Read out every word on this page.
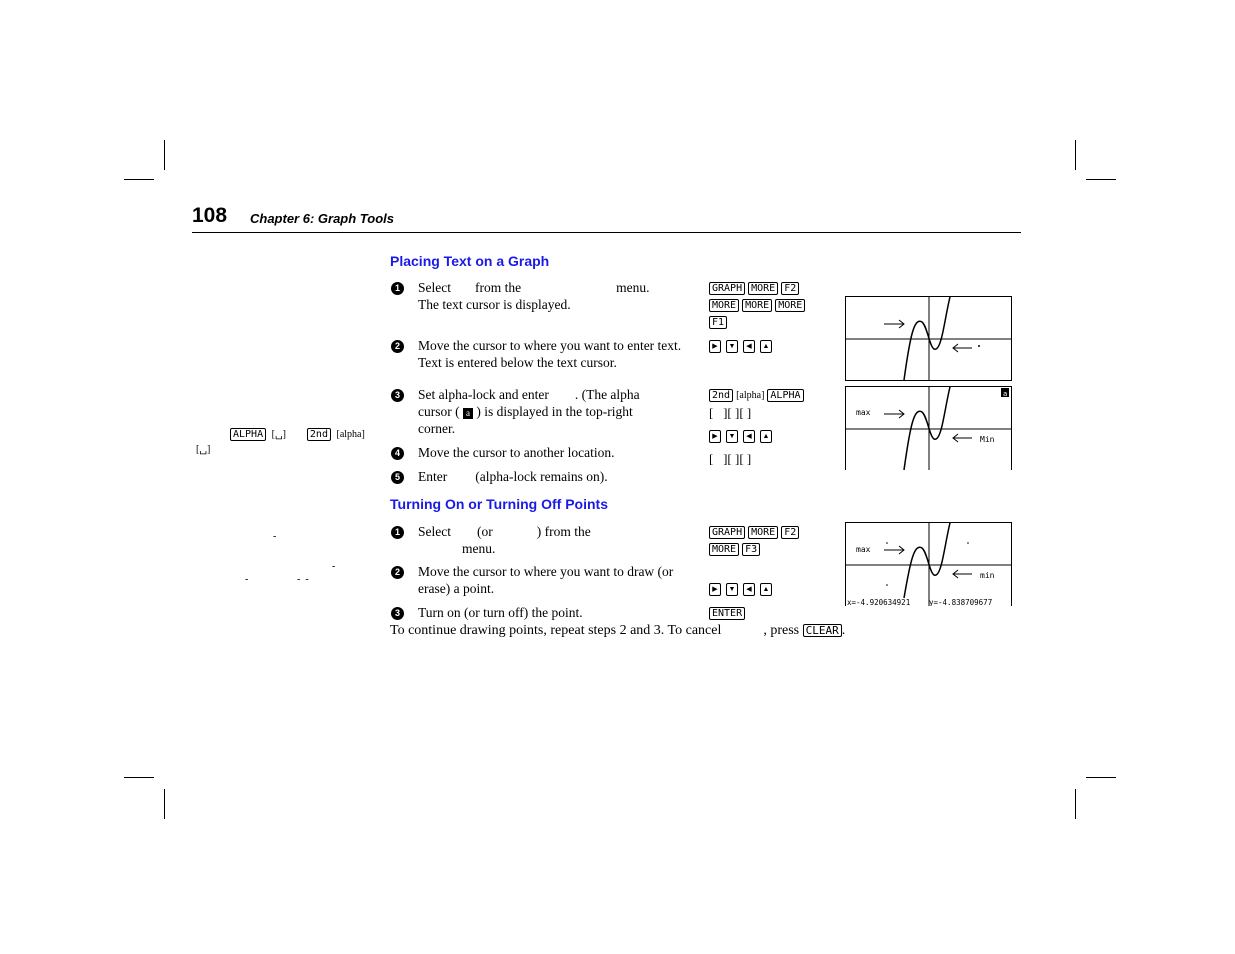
108 Chapter 6: Graph Tools
ALPHA [␣] 2nd [alpha]
[␣]
-
-
-	-  -
Placing Text on a Graph
1 Select from the	menu.
The text cursor is displayed.
2 Move the cursor to where you want to enter text. Text is entered below the text cursor.
3 Set alpha-lock and enter . (The alpha
cursor ( a ) is displayed in the top-right
corner.
4 Move the cursor to another location.
5 Enter (alpha-lock remains on).
GRAPH MORE F2
MORE MORE MORE
F1
▶ ▼ ◀ ▲
2nd [alpha] ALPHA
[   ][ ][ ]
▶ ▼ ◀ ▲
[   ][ ][ ]
max
Min
a
Turning On or Turning Off Points
1 Select (or	) from the
menu.
2 Move the cursor to where you want to draw (or erase) a point.
3 Turn on (or turn off) the point.
GRAPH MORE F2
MORE F3
▶ ▼ ◀ ▲
ENTER
max
min
x=-4.920634921	y=-4.838709677
To continue drawing points, repeat steps 2 and 3. To cancel	, press CLEAR .
